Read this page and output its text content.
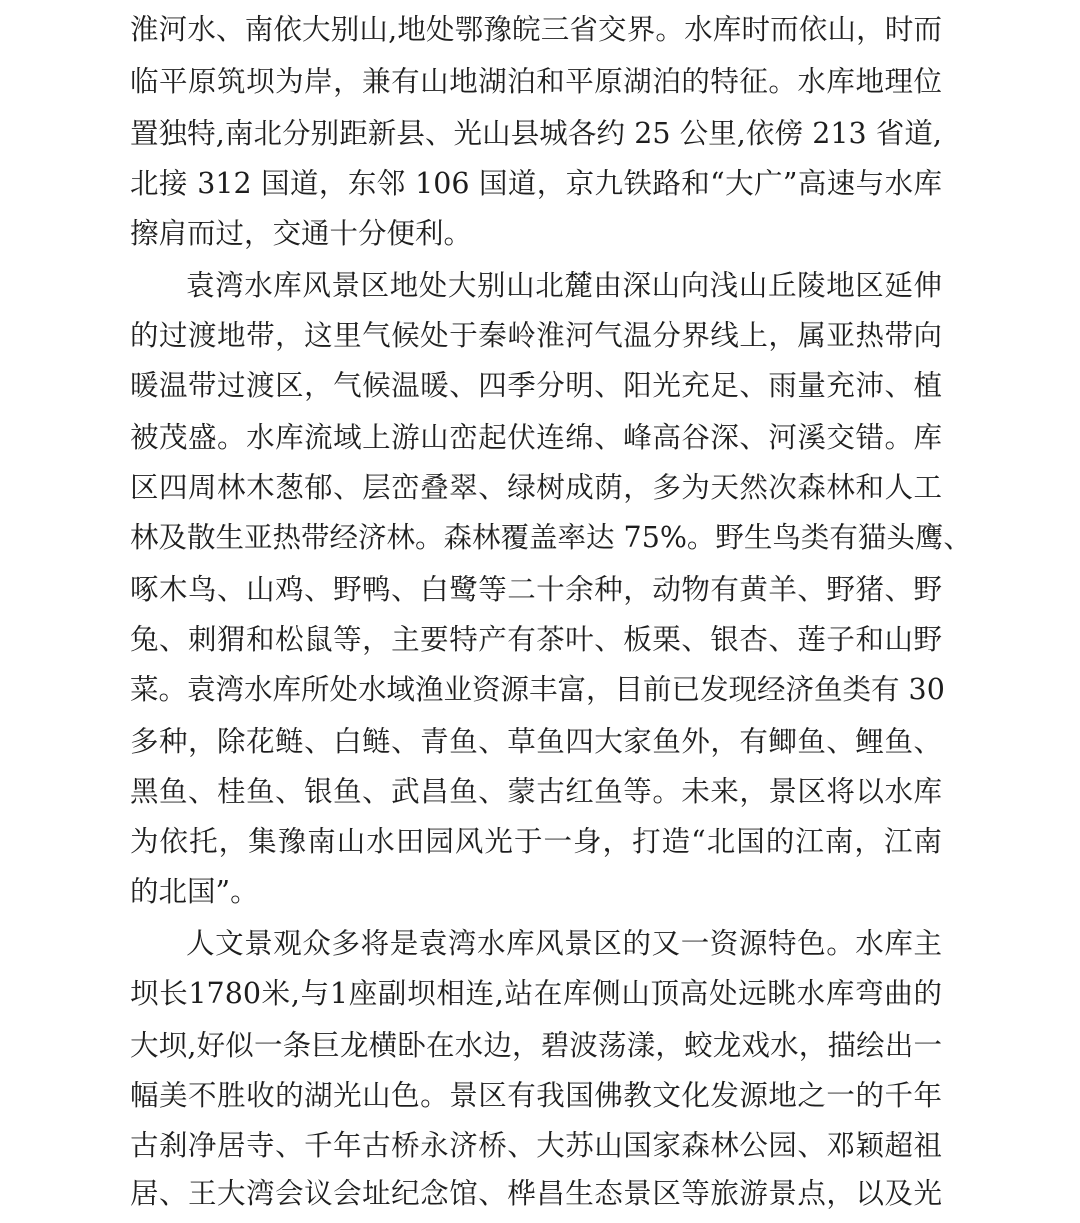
淮河水、南依大别山,地处鄂豫皖三省交界。水库时而依山，时而
临平原筑坝为岸，兼有山地湖泊和平原湖泊的特征。水库地理位
置独特,南北分别距新县、光山县城各约 25 公里,依傍 213 省道,
北接 312 国道，东邻 106 国道，京九铁路和“大广”高速与水库
擦肩而过，交通十分便利。
袁湾水库风景区地处大别山北麓由深山向浅山丘陵地区延伸
的过渡地带，这里气候处于秦岭淮河气温分界线上，属亚热带向
暖温带过渡区，气候温暖、四季分明、阳光充足、雨量充沛、植
被茂盛。水库流域上游山峦起伏连绵、峰高谷深、河溪交错。库
区四周林木葱郁、层峦叠翠、绿树成荫，多为天然次森林和人工
林及散生亚热带经济林。森林覆盖率达 75%。野生鸟类有猫头鹰、
啄木鸟、山鸡、野鸭、白鹭等二十余种，动物有黄羊、野猪、野
兔、刺猬和松鼠等，主要特产有茶叶、板栗、银杏、莲子和山野
菜。袁湾水库所处水域渔业资源丰富，目前已发现经济鱼类有 30
多种，除花鲢、白鲢、青鱼、草鱼四大家鱼外，有鲫鱼、鲤鱼、
黑鱼、桂鱼、银鱼、武昌鱼、蒙古红鱼等。未来，景区将以水库
为依托，集豫南山水田园风光于一身，打造“北国的江南，江南
的北国”。
人文景观众多将是袁湾水库风景区的又一资源特色。水库主
坝长1780米,与1座副坝相连,站在库侧山顶高处远眺水库弯曲的
大坝,好似一条巨龙横卧在水边，碧波荡漾，蛟龙戏水，描绘出一
幅美不胜收的湖光山色。景区有我国佛教文化发源地之一的千年
古刹净居寺、千年古桥永济桥、大苏山国家森林公园、邓颖超祖
居、王大湾会议会址纪念馆、桦昌生态景区等旅游景点，以及光
